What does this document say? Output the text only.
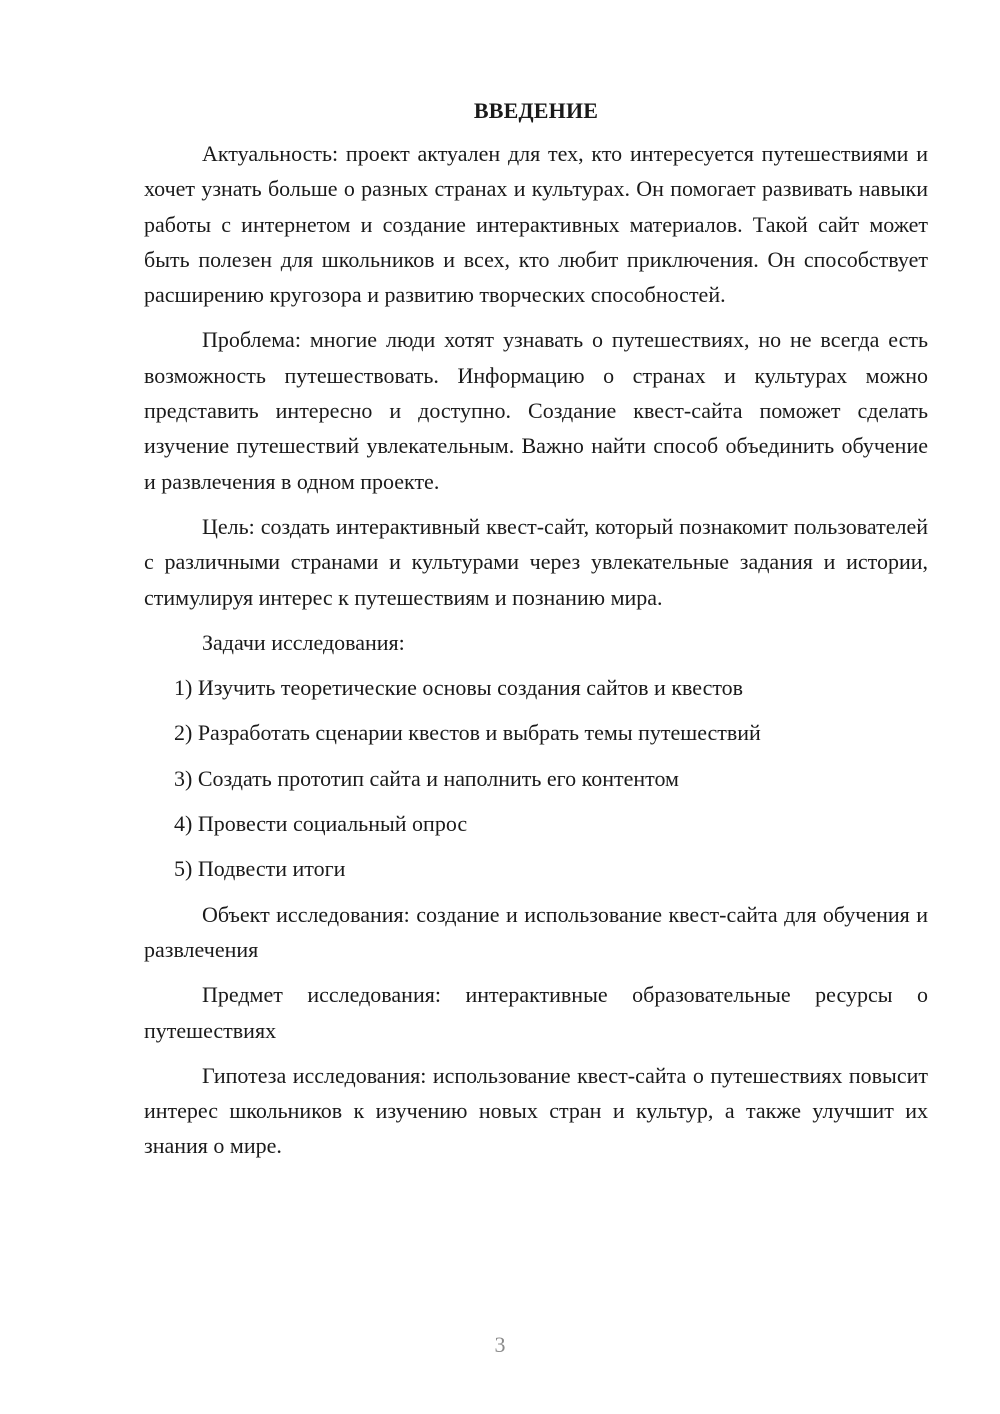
ВВЕДЕНИЕ

Актуальность: проект актуален для тех, кто интересуется путешествиями и хочет узнать больше о разных странах и культурах. Он помогает развивать навыки работы с интернетом и создание интерактивных материалов. Такой сайт может быть полезен для школьников и всех, кто любит приключения. Он способствует расширению кругозора и развитию творческих способностей.

Проблема: многие люди хотят узнавать о путешествиях, но не всегда есть возможность путешествовать. Информацию о странах и культурах можно представить интересно и доступно. Создание квест-сайта поможет сделать изучение путешествий увлекательным. Важно найти способ объединить обучение и развлечения в одном проекте.

Цель: создать интерактивный квест-сайт, который познакомит пользователей с различными странами и культурами через увлекательные задания и истории, стимулируя интерес к путешествиям и познанию мира.

Задачи исследования:

1) Изучить теоретические основы создания сайтов и квестов
2) Разработать сценарии квестов и выбрать темы путешествий
3) Создать прототип сайта и наполнить его контентом
4) Провести социальный опрос
5) Подвести итоги

Объект исследования: создание и использование квест-сайта для обучения и развлечения

Предмет исследования: интерактивные образовательные ресурсы о путешествиях

Гипотеза исследования: использование квест-сайта о путешествиях повысит интерес школьников к изучению новых стран и культур, а также улучшит их знания о мире.

3
